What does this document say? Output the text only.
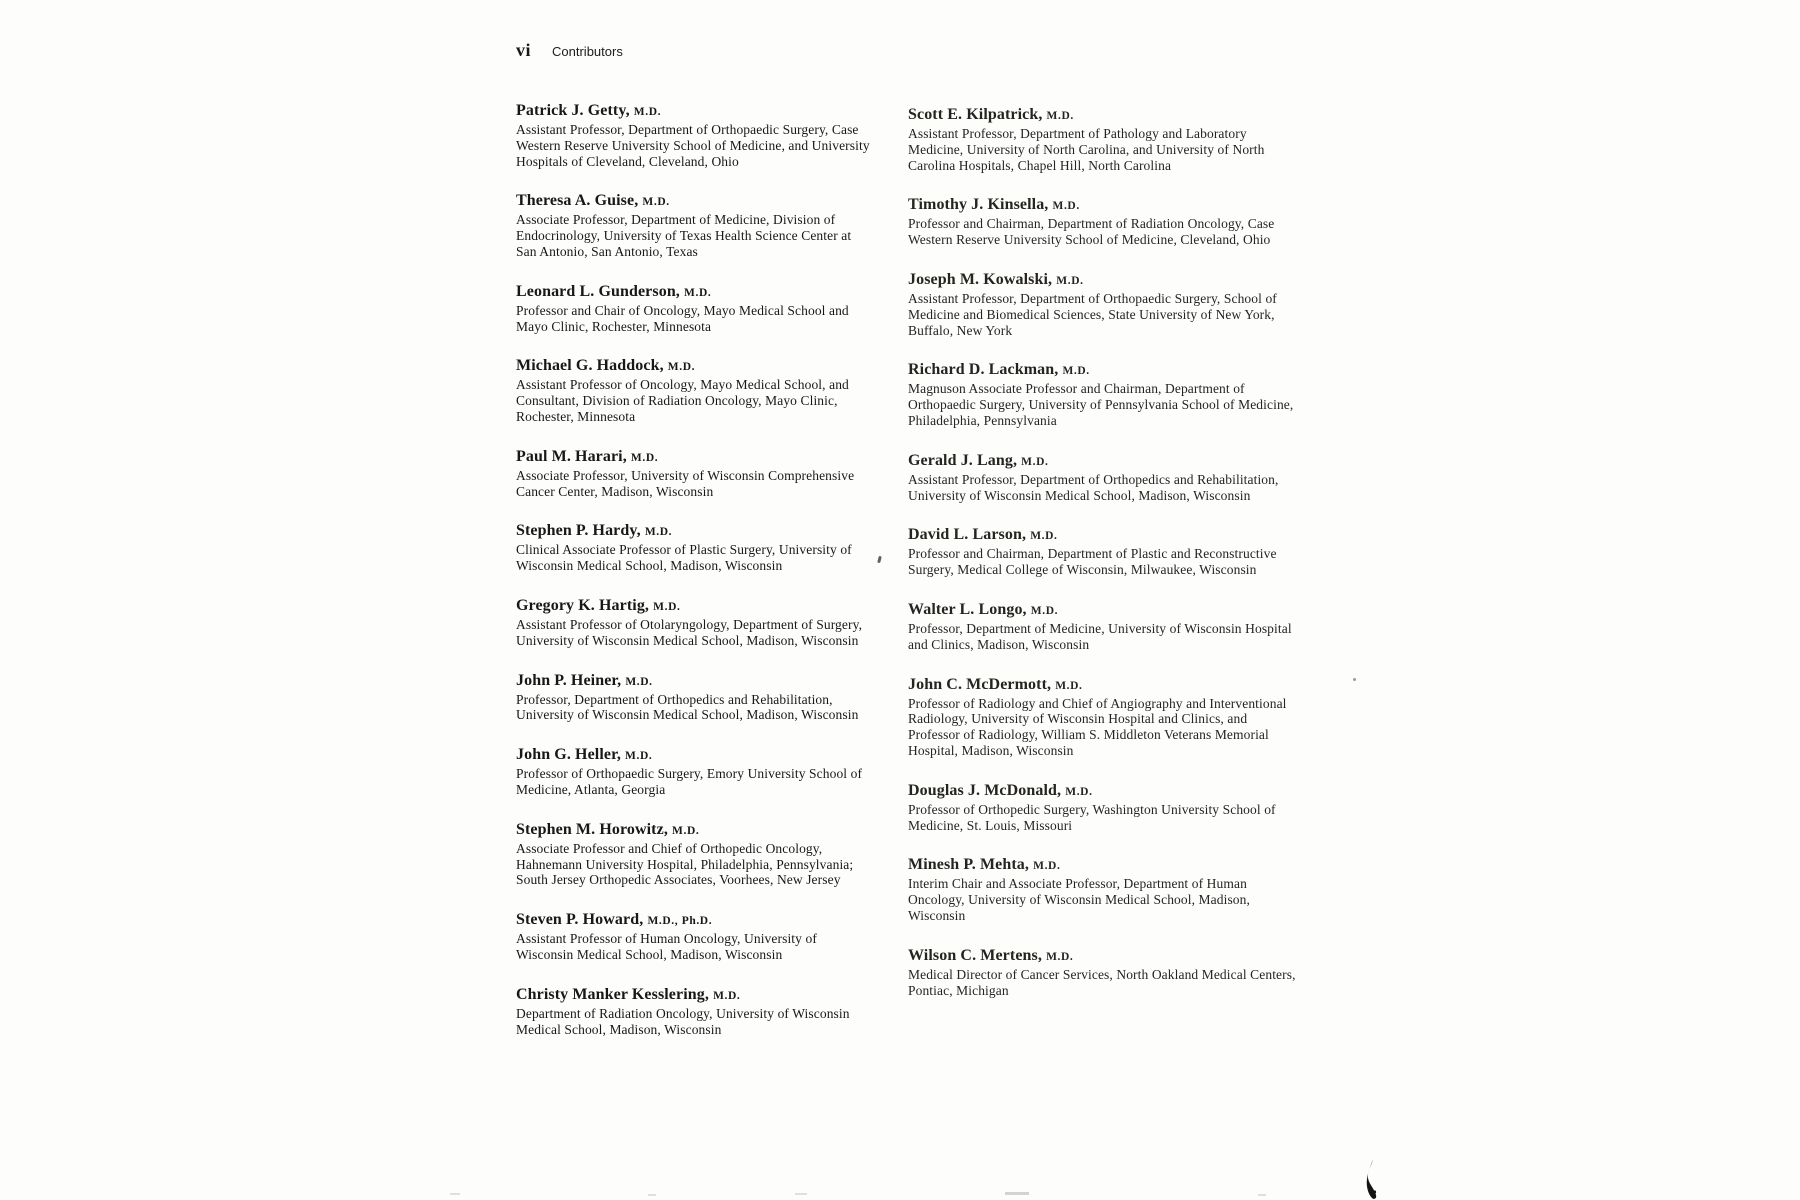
vi Contributors
Patrick J. Getty, M.D.

Assistant Professor, Department of Orthopaedic Surgery, Case Western Reserve University School of Medicine, and University Hospitals of Cleveland, Cleveland, Ohio

Theresa A. Guise, M.D.

Associate Professor, Department of Medicine, Division of Endocrinology, University of Texas Health Science Center at San Antonio, San Antonio, Texas

Leonard L. Gunderson, M.D.

Professor and Chair of Oncology, Mayo Medical School and Mayo Clinic, Rochester, Minnesota

Michael G. Haddock, M.D.

Assistant Professor of Oncology, Mayo Medical School, and Consultant, Division of Radiation Oncology, Mayo Clinic, Rochester, Minnesota

Paul M. Harari, M.D.

Associate Professor, University of Wisconsin Comprehensive Cancer Center, Madison, Wisconsin

Stephen P. Hardy, M.D.

Clinical Associate Professor of Plastic Surgery, University of Wisconsin Medical School, Madison, Wisconsin

Gregory K. Hartig, M.D.

Assistant Professor of Otolaryngology, Department of Surgery, University of Wisconsin Medical School, Madison, Wisconsin

John P. Heiner, M.D.

Professor, Department of Orthopedics and Rehabilitation, University of Wisconsin Medical School, Madison, Wisconsin

John G. Heller, M.D.

Professor of Orthopaedic Surgery, Emory University School of Medicine, Atlanta, Georgia

Stephen M. Horowitz, M.D.

Associate Professor and Chief of Orthopedic Oncology, Hahnemann University Hospital, Philadelphia, Pennsylvania; South Jersey Orthopedic Associates, Voorhees, New Jersey

Steven P. Howard, M.D., Ph.D.

Assistant Professor of Human Oncology, University of Wisconsin Medical School, Madison, Wisconsin

Christy Manker Kesslering, M.D.

Department of Radiation Oncology, University of Wisconsin Medical School, Madison, Wisconsin

Scott E. Kilpatrick, M.D.

Assistant Professor, Department of Pathology and Laboratory Medicine, University of North Carolina, and University of North Carolina Hospitals, Chapel Hill, North Carolina

Timothy J. Kinsella, M.D.

Professor and Chairman, Department of Radiation Oncology, Case Western Reserve University School of Medicine, Cleveland, Ohio

Joseph M. Kowalski, M.D.

Assistant Professor, Department of Orthopaedic Surgery, School of Medicine and Biomedical Sciences, State University of New York, Buffalo, New York

Richard D. Lackman, M.D.

Magnuson Associate Professor and Chairman, Department of Orthopaedic Surgery, University of Pennsylvania School of Medicine, Philadelphia, Pennsylvania

Gerald J. Lang, M.D.

Assistant Professor, Department of Orthopedics and Rehabilitation, University of Wisconsin Medical School, Madison, Wisconsin

David L. Larson, M.D.

Professor and Chairman, Department of Plastic and Reconstructive Surgery, Medical College of Wisconsin, Milwaukee, Wisconsin

Walter L. Longo, M.D.

Professor, Department of Medicine, University of Wisconsin Hospital and Clinics, Madison, Wisconsin

John C. McDermott, M.D.

Professor of Radiology and Chief of Angiography and Interventional Radiology, University of Wisconsin Hospital and Clinics, and Professor of Radiology, William S. Middleton Veterans Memorial Hospital, Madison, Wisconsin

Douglas J. McDonald, M.D.

Professor of Orthopedic Surgery, Washington University School of Medicine, St. Louis, Missouri

Minesh P. Mehta, M.D.

Interim Chair and Associate Professor, Department of Human Oncology, University of Wisconsin Medical School, Madison, Wisconsin

Wilson C. Mertens, M.D.

Medical Director of Cancer Services, North Oakland Medical Centers, Pontiac, Michigan
